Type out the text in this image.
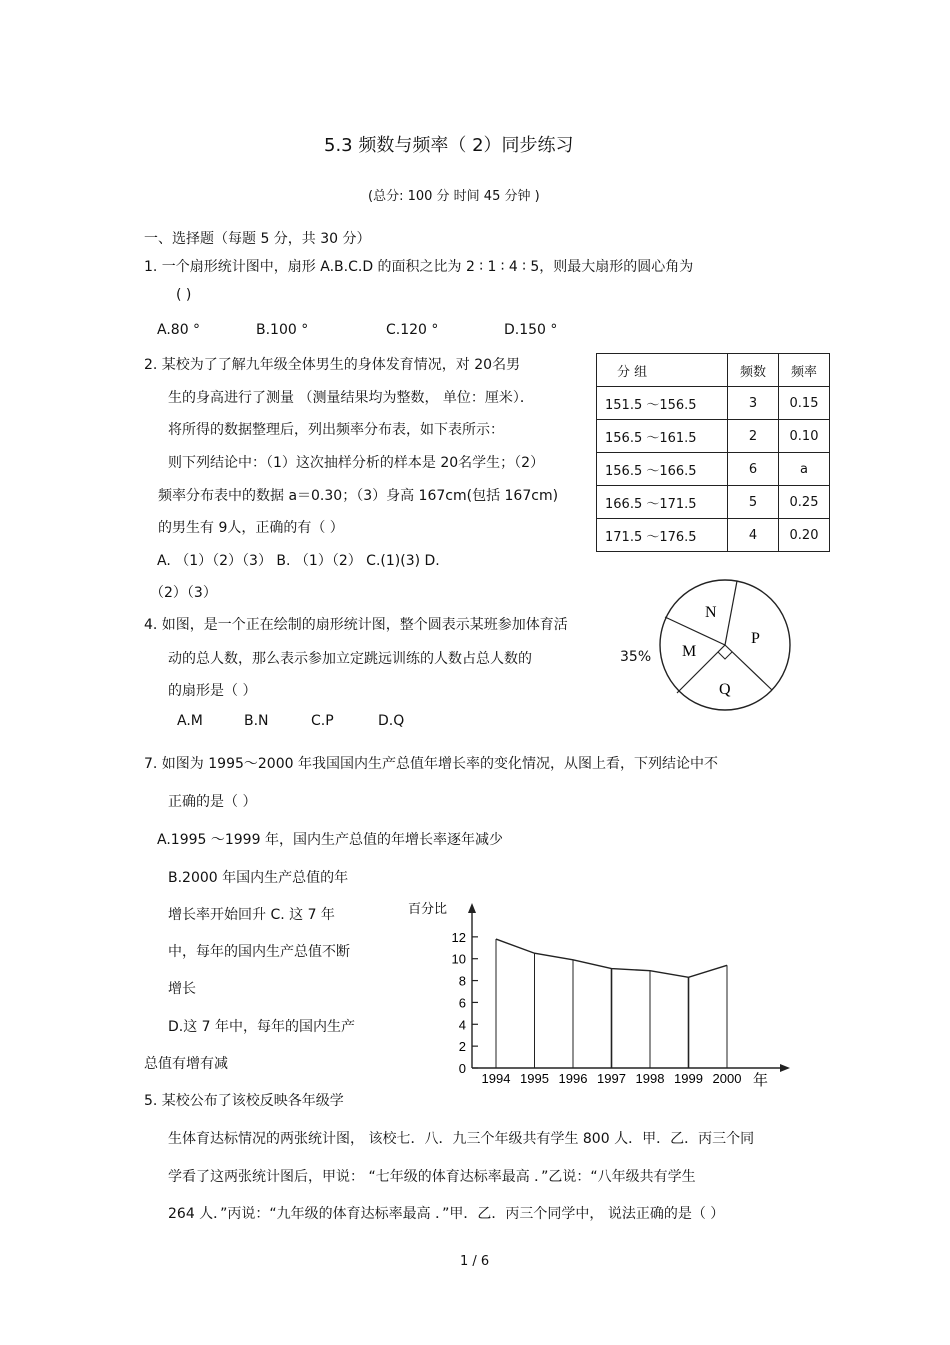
5.3 频数与频率（ 2）同步练习
(总分: 100 分 时间 45 分钟 )
一、选择题（每题 5 分，共 30 分）
1. 一个扇形统计图中，扇形 A.B.C.D 的面积之比为 2 ∶ 1 ∶ 4 ∶ 5，则最大扇形的圆心角为
( )
A.80 °	B.100 °	C.120 °	D.150 °
2. 某校为了了解九年级全体男生的身体发育情况，对 20名男
生的身高进行了测量 （测量结果均为整数， 单位：厘米）．
将所得的数据整理后，列出频率分布表，如下表所示：
则下列结论中：（1）这次抽样分析的样本是 20名学生；（2）
频率分布表中的数据 a＝0.30；（3）身高 167cm(包括 167cm)
的男生有 9人，正确的有（ ）
A. （1）（2）（3） B. （1）（2） C.(1)(3) D.
（2）（3）
分 组	频数	频率
151.5 ～156.5	3	0.15
156.5 ～161.5	2	0.10
156.5 ～166.5	6	a
166.5 ～171.5	5	0.25
171.5 ～176.5	4	0.20
4. 如图，是一个正在绘制的扇形统计图，整个圆表示某班参加体育活
动的总人数，那么表示参加立定跳远训练的人数占总人数的
的扇形是（ ）
A.M	B.N	C.P	D.Q
35%
N
P
M
Q
7. 如图为 1995～2000 年我国国内生产总值年增长率的变化情况，从图上看，下列结论中不
正确的是（ ）
A.1995 ～1999 年，国内生产总值的年增长率逐年减少
B.2000 年国内生产总值的年
增长率开始回升 C. 这 7 年
中，每年的国内生产总值不断
增长
D.这 7 年中，每年的国内生产
总值有增有减
百分比
年
0
2
4
6
8
10
12
1994 1995 1996 1997 1998 1999 2000
5. 某校公布了该校反映各年级学
生体育达标情况的两张统计图， 该校七．八．九三个年级共有学生 800 人．甲．乙．丙三个同
学看了这两张统计图后，甲说： “七年级的体育达标率最高 ．”乙说：“八年级共有学生
264 人．”丙说：“九年级的体育达标率最高 ．”甲．乙．丙三个同学中， 说法正确的是（ ）
1 / 6
